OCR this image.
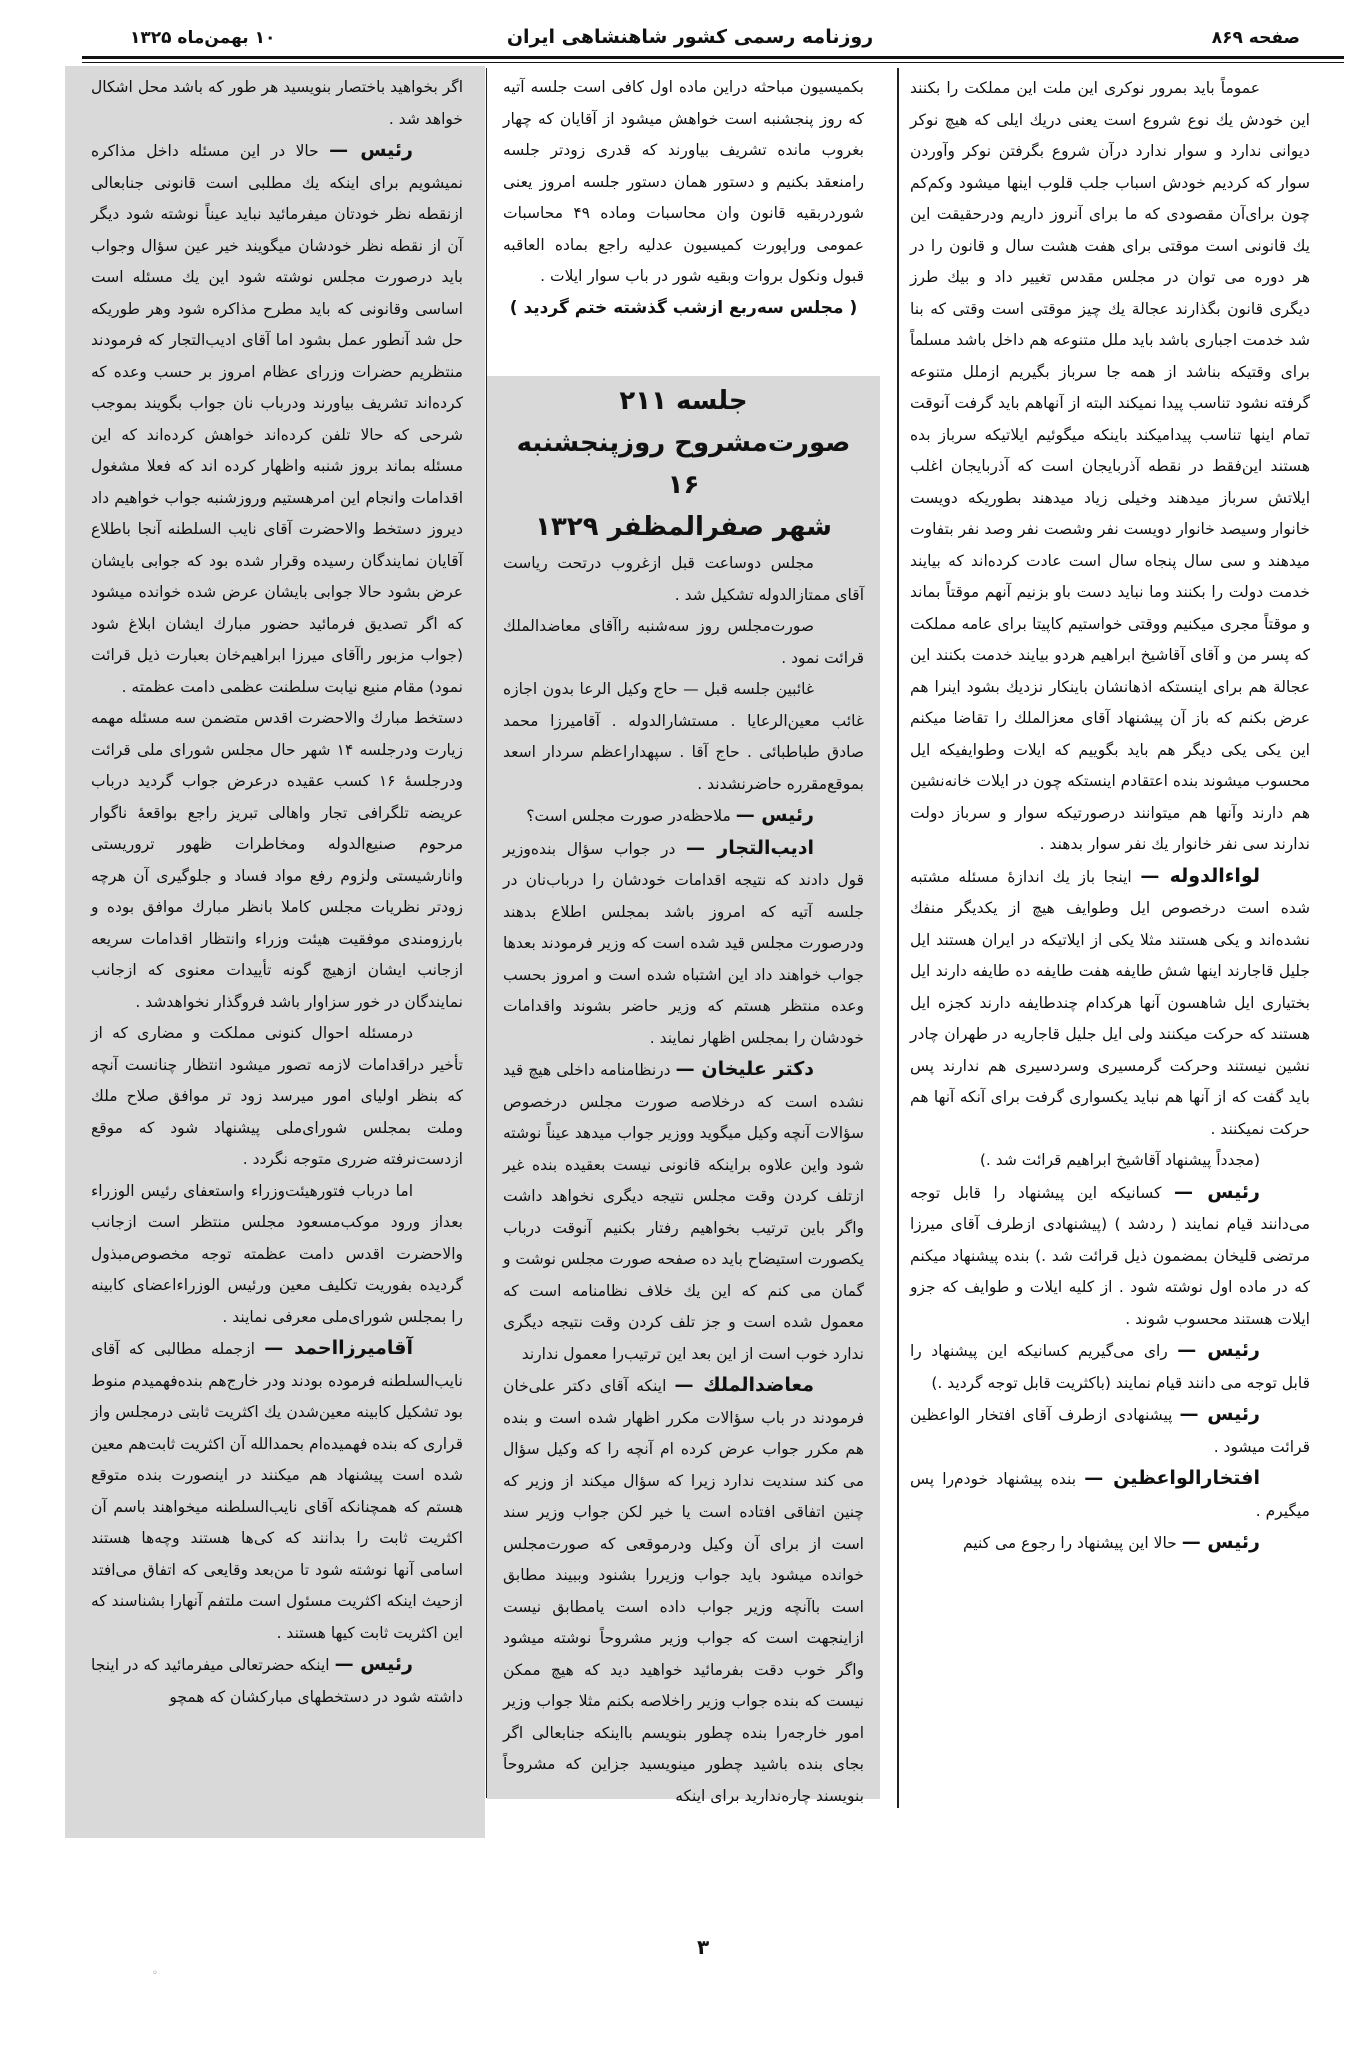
صفحه ۸۶۹
روزنامه رسمی کشور شاهنشاهی ایران
۱۰ بهمن‌ماه ۱۳۲۵

عموماً باید بمرور نوکری این ملت این مملکت را بکنند این خودش یك نوع شروع است یعنی دریك ایلی که هیچ نوکر دیوانی ندارد و سوار ندارد درآن شروع بگرفتن نوکر وآوردن سوار که کردیم خودش اسباب جلب قلوب اینها میشود وکم‌کم چون برای‌آن مقصودی که ما برای آنروز داریم ودرحقیقت این یك قانونی است موقتی برای هفت هشت سال و قانون را در هر دوره می توان در مجلس مقدس تغییر داد و بیك طرز دیگری قانون بگذارند عجالة یك چیز موقتی است وقتی که بنا شد خدمت اجباری باشد باید ملل متنوعه هم داخل باشد مسلماً برای وقتیکه بناشد از همه جا سرباز بگیریم ازملل متنوعه گرفته نشود تناسب پیدا نمیکند البته از آنهاهم باید گرفت آنوقت تمام اینها تناسب پیدامیکند باینکه میگوئیم ایلاتیکه سرباز بده هستند این‌فقط در نقطه آذربایجان است که آذربایجان اغلب ایلاتش سرباز میدهند وخیلی زیاد میدهند بطوریکه دویست خانوار وسیصد خانوار دویست نفر وشصت نفر وصد نفر بتفاوت میدهند و سی سال پنجاه سال است عادت کرده‌اند که بیایند خدمت دولت را بکنند وما نباید دست باو بزنیم آنهم موقتاً بماند و موقتاً مجری میکنیم ووقتی خواستیم کاپیتا برای عامه مملکت که پسر من و آقای آقاشیخ ابراهیم هردو بیایند خدمت بکنند این عجالة هم برای اینستکه اذهانشان باینکار نزدیك بشود اینرا هم عرض بکنم که باز آن پیشنهاد آقای معزالملك را تقاضا میکنم این یکی یکی دیگر هم باید بگوییم که ایلات وطوایفیکه ایل محسوب میشوند بنده اعتقادم اینستکه چون در ایلات خانه‌نشین هم دارند وآنها هم میتوانند درصورتیکه سوار و سرباز دولت ندارند سی نفر خانوار یك نفر سوار بدهند .

لواءالدوله — اینجا باز یك اندازهٔ مسئله مشتبه شده است درخصوص ایل وطوایف هیچ از یکدیگر منفك نشده‌اند و یکی هستند مثلا یکی از ایلاتیکه در ایران هستند ایل جلیل قاجارند اینها شش طایفه هفت طایفه ده طایفه دارند ایل بختیاری ایل شاهسون آنها هرکدام چندطایفه دارند کجزه ایل هستند که حرکت میکنند ولی ایل جلیل قاجاریه در طهران چادر نشین نیستند وحرکت گرمسیری وسردسیری هم ندارند پس باید گفت که از آنها هم نباید یکسواری گرفت برای آنکه آنها هم حرکت نمیکنند .

(مجدداً پیشنهاد آقاشیخ ابراهیم قرائت شد .)

رئیس — کسانیکه این پیشنهاد را قابل توجه می‌دانند قیام نمایند ( ردشد ) (پیشنهادی ازطرف آقای میرزا مرتضی قلیخان بمضمون ذیل قرائت شد .) بنده پیشنهاد میکنم که در ماده اول نوشته شود . از کلیه ایلات و طوایف که جزو ایلات هستند محسوب شوند .

رئیس — رای می‌گیریم کسانیکه این پیشنهاد را قابل توجه می دانند قیام نمایند (باکثریت قابل توجه گردید .)

رئیس — پیشنهادی ازطرف آقای افتخار الواعظین قرائت میشود .

افتخارالواعظین — بنده پیشنهاد خودم‌را پس میگیرم .

رئیس — حالا این پیشنهاد را رجوع می کنیم

بکمیسیون مباحثه دراین ماده اول کافی است جلسه آتیه که روز پنجشنبه است خواهش میشود از آقایان که چهار بغروب مانده تشریف بیاورند که قدری زودتر جلسه رامنعقد بکنیم و دستور همان دستور جلسه امروز یعنی شوردربقیه قانون وان محاسبات وماده ۴۹ محاسبات عمومی وراپورت کمیسیون عدلیه راجع بماده العاقبه قبول ونکول بروات وبقیه شور در باب سوار ایلات .

( مجلس سه‌ربع ازشب گذشته ختم گردید )

جلسه ۲۱۱
صورت‌مشروح روزپنجشنبه ۱۶
شهر صفرالمظفر ۱۳۲۹

مجلس دوساعت قبل ازغروب درتحت ریاست آقای ممتازالدوله تشکیل شد .

صورت‌مجلس روز سه‌شنبه راآقای معاضدالملك قرائت نمود .

غائبین جلسه قبل — حاج وکیل الرعا بدون اجازه غائب معین‌الرعایا . مستشارالدوله . آقامیرزا محمد صادق طباطبائی . حاج آقا . سپهداراعظم سردار اسعد بموقع‌مقرره حاضرنشدند .

رئیس — ملاحظه‌در صورت مجلس است؟

ادیب‌التجار — در جواب سؤال بنده‌وزیر قول دادند که نتیجه اقدامات خودشان را درباب‌نان در جلسه آتیه که امروز باشد بمجلس اطلاع بدهند ودرصورت مجلس قید شده است که وزیر فرمودند بعدها جواب خواهند داد این اشتباه شده است و امروز بحسب وعده منتظر هستم که وزیر حاضر بشوند واقدامات خودشان را بمجلس اظهار نمایند .

دکتر علیخان — درنظامنامه داخلی هیچ قید نشده است که درخلاصه صورت مجلس درخصوص سؤالات آنچه وکیل میگوید ووزیر جواب میدهد عیناً نوشته شود واین علاوه براینکه قانونی نیست بعقیده بنده غیر ازتلف کردن وقت مجلس نتیجه دیگری نخواهد داشت واگر باین ترتیب بخواهیم رفتار بکنیم آنوقت درباب یکصورت استیضاح باید ده صفحه صورت مجلس نوشت و گمان می کنم که این یك خلاف نظامنامه است که معمول شده است و جز تلف کردن وقت نتیجه دیگری ندارد خوب است از این بعد این ترتیب‌را معمول ندارند

معاضدالملك — اینکه آقای دکتر علی‌خان فرمودند در باب سؤالات مکرر اظهار شده است و بنده هم مکرر جواب عرض کرده ام آنچه را که وکیل سؤال می کند سندیت ندارد زیرا که سؤال میکند از وزیر که چنین اتفاقی افتاده است یا خیر لکن جواب وزیر سند است از برای آن وکیل ودرموقعی که صورت‌مجلس خوانده میشود باید جواب وزیر‌را بشنود وببیند مطابق است باآنچه وزیر جواب داده است یامطابق نیست ازاینجهت است که جواب وزیر مشروحاً نوشته میشود واگر خوب دقت بفرمائید خواهید دید که هیچ ممکن نیست که بنده جواب وزیر راخلاصه بکنم مثلا جواب وزیر امور خارجه‌را بنده چطور بنویسم بااینکه جنابعالی اگر بجای بنده باشید چطور مینویسید جزاین که مشروحاً بنویسند چاره‌ندارید برای اینکه

اگر بخواهید باختصار بنویسید هر طور که باشد محل اشکال خواهد شد .

رئیس — حالا در این مسئله داخل مذاکره نمیشویم برای اینکه یك مطلبی است قانونی جنابعالی ازنقطه نظر خودتان میفرمائید نباید عیناً نوشته شود دیگر آن از نقطه نظر خودشان میگویند خیر عین سؤال وجواب باید درصورت مجلس نوشته شود این یك مسئله است اساسی وقانونی که باید مطرح مذاکره شود وهر طوریکه حل شد آنطور عمل بشود اما آقای ادیب‌التجار که فرمودند منتظریم حضرات وزرای عظام امروز بر حسب وعده که کرده‌اند تشریف بیاورند ودرباب نان جواب بگویند بموجب شرحی که حالا تلفن کرده‌اند خواهش کرده‌اند که این مسئله بماند بروز شنبه واظهار کرده اند که فعلا مشغول اقدامات وانجام این امرهستیم وروزشنبه جواب خواهیم داد دیروز دستخط والاحضرت آقای نایب السلطنه آنجا باطلاع آقایان نمایندگان رسیده وقرار شده بود که جوابی بایشان عرض بشود حالا جوابی بایشان عرض شده خوانده میشود که اگر تصدیق فرمائید حضور مبارك ایشان ابلاغ شود (جواب مزبور راآقای میرزا ابراهیم‌خان بعبارت ذیل قرائت نمود) مقام منیع نیابت سلطنت عظمی دامت عظمته .

دستخط مبارك والاحضرت اقدس متضمن سه مسئله مهمه زیارت ودرجلسه ۱۴ شهر حال مجلس شورای ملی قرائت ودرجلسهٔ ۱۶ کسب عقیده درعرض جواب گردید درباب عریضه تلگرافی تجار واهالی تبریز راجع بواقعهٔ ناگوار مرحوم صنیع‌الدوله ومخاطرات ظهور تروریستی وانارشیستی ولزوم رفع مواد فساد و جلوگیری آن هرچه زودتر نظریات مجلس کاملا بانظر مبارك موافق بوده و بارزومندی موفقیت هیئت وزراء وانتظار اقدامات سریعه ازجانب ایشان ازهیچ گونه تأییدات معنوی که ازجانب نمایندگان در خور سزاوار باشد فروگذار نخواهدشد .

درمسئله احوال کنونی مملکت و مضاری که از تأخیر دراقدامات لازمه تصور میشود انتظار چنانست آنچه که بنظر اولیای امور میرسد زود تر موافق صلاح ملك وملت بمجلس شورای‌ملی پیشنهاد شود که موقع ازدست‌نرفته ضرری متوجه نگردد .

اما درباب فتورهیئت‌وزراء واستعفای رئیس الوزراء بعداز ورود موکب‌مسعود مجلس منتظر است ازجانب والاحضرت اقدس دامت عظمته توجه مخصوص‌مبذول گردیده بفوریت تکلیف معین ورئیس الوزراءاعضای کابینه را بمجلس شورای‌ملی معرفی نمایند .

آقامیرزااحمد — ازجمله مطالبی که آقای نایب‌السلطنه فرموده بودند ودر خارج‌هم بنده‌فهمیدم منوط بود تشکیل کابینه معین‌شدن یك اکثریت ثابتی درمجلس واز قراری که بنده فهمیده‌ام بحمدالله آن اکثریت ثابت‌هم معین شده است پیشنهاد هم میکنند در اینصورت بنده متوقع هستم که همچنانکه آقای نایب‌السلطنه میخواهند باسم آن اکثریت ثابت را بدانند که کی‌ها هستند وچه‌ها هستند اسامی آنها نوشته شود تا من‌بعد وقایعی که اتفاق می‌افتد ازحیث اینکه اکثریت مسئول است ملتفم آنهارا بشناسند که این اکثریت ثابت کیها هستند .

رئیس — اینکه حضرتعالی میفرمائید که در اینجا داشته شود در دستخطهای مبارکشان که همچو

۳
◦
